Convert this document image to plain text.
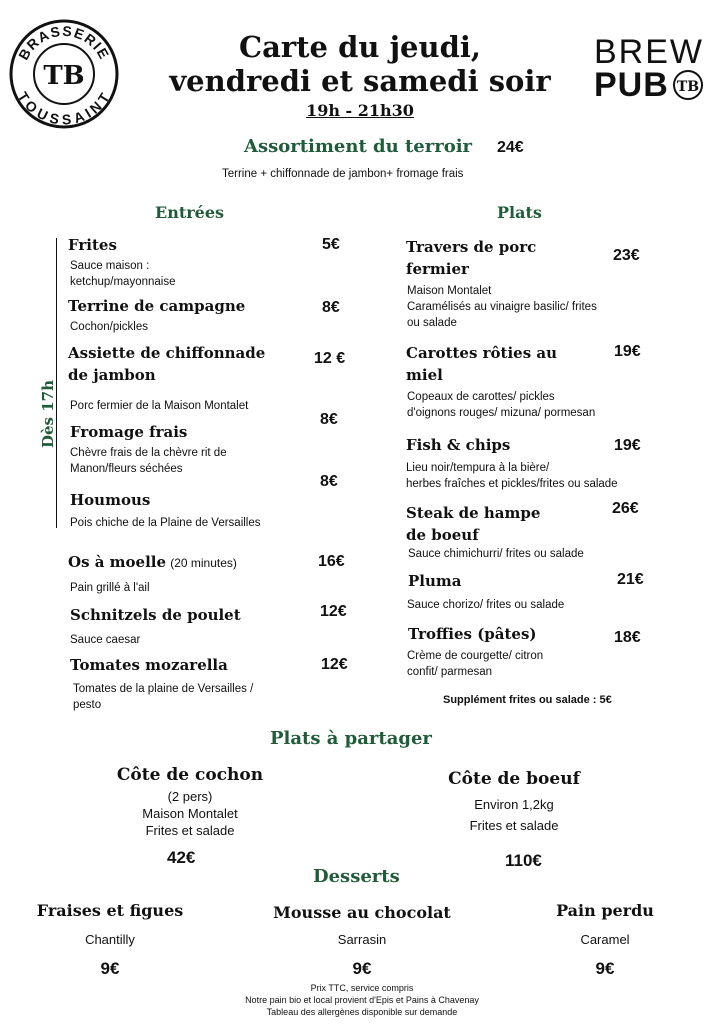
BRASSERIE
TOUSSAINT
TB
BREW
PUB TB
Carte du jeudi,
vendredi et samedi soir
19h - 21h30
Assortiment du terroir 24€
Terrine + chiffonnade de jambon+ fromage frais
Entrées
Dès 17h
Frites
Sauce maison :
ketchup/mayonnaise
5€
Terrine de campagne
Cochon/pickles
8€
Assiette de chiffonnade
de jambon
Porc fermier de la Maison Montalet
12 €
Fromage frais
Chèvre frais de la chèvre rit de
Manon/fleurs séchées
8€
Houmous
Pois chiche de la Plaine de Versailles
8€
Os à moelle (20 minutes)
Pain grillé à l'ail
16€
Schnitzels de poulet
Sauce caesar
12€
Tomates mozarella
Tomates de la plaine de Versailles /
pesto
12€
Plats
Travers de porc
fermier
Maison Montalet
Caramélisés au vinaigre basilic/ frites
ou salade
23€
Carottes rôties au
miel
Copeaux de carottes/ pickles
d'oignons rouges/ mizuna/ pormesan
19€
Fish & chips
Lieu noir/tempura à la bière/
herbes fraîches et pickles/frites ou salade
19€
Steak de hampe
de boeuf
Sauce chimichurri/ frites ou salade
26€
Pluma
Sauce chorizo/ frites ou salade
21€
Troffies (pâtes)
Crème de courgette/ citron
confit/ parmesan
18€
Supplément frites ou salade : 5€
Plats à partager
Côte de cochon
(2 pers)
Maison Montalet
Frites et salade
42€
Côte de boeuf
Environ 1,2kg
Frites et salade
110€
Desserts
Fraises et figues
Chantilly
9€
Mousse au chocolat
Sarrasin
9€
Pain perdu
Caramel
9€
Prix TTC, service compris
Notre pain bio et local provient d'Epis et Pains à Chavenay
Tableau des allergènes disponible sur demande
